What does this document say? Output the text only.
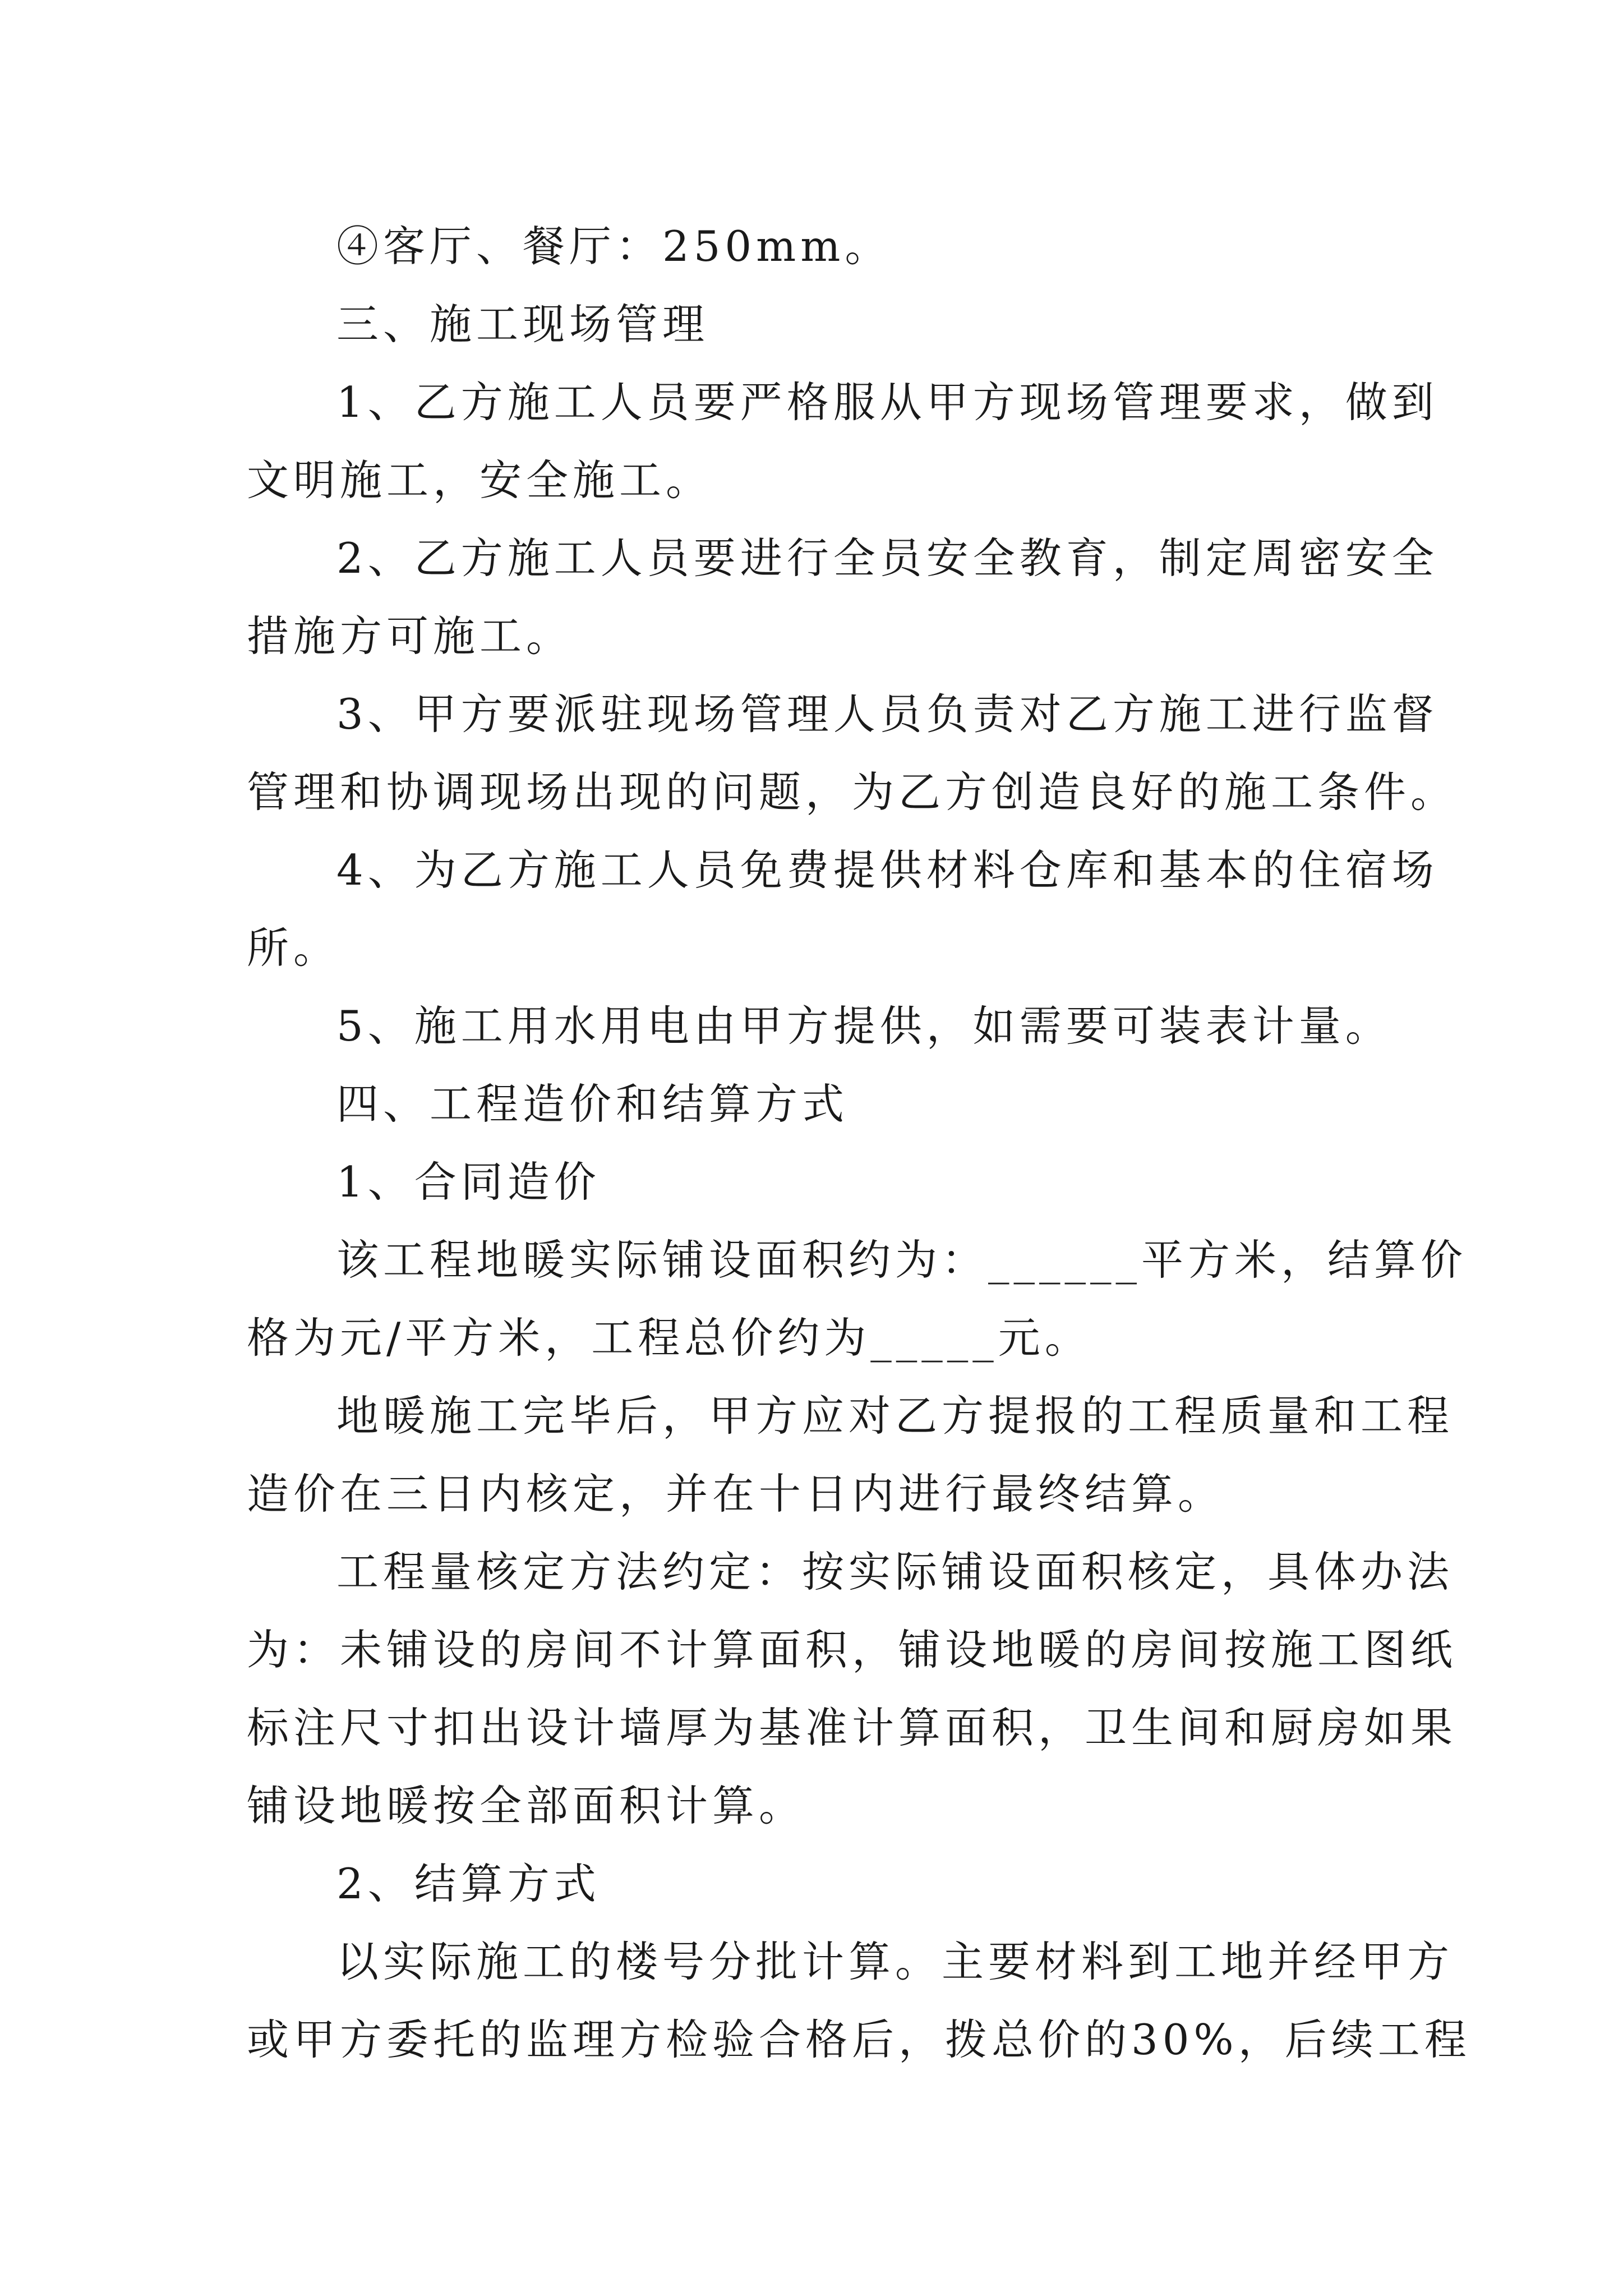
④客厅、餐厅：250mm。
三、施工现场管理
1、乙方施工人员要严格服从甲方现场管理要求，做到
文明施工，安全施工。
2、乙方施工人员要进行全员安全教育，制定周密安全
措施方可施工。
3、甲方要派驻现场管理人员负责对乙方施工进行监督
管理和协调现场出现的问题，为乙方创造良好的施工条件。
4、为乙方施工人员免费提供材料仓库和基本的住宿场
所。
5、施工用水用电由甲方提供，如需要可装表计量。
四、工程造价和结算方式
1、合同造价
该工程地暖实际铺设面积约为：______平方米，结算价
格为元/平方米，工程总价约为_____元。
地暖施工完毕后，甲方应对乙方提报的工程质量和工程
造价在三日内核定，并在十日内进行最终结算。
工程量核定方法约定：按实际铺设面积核定，具体办法
为：未铺设的房间不计算面积，铺设地暖的房间按施工图纸
标注尺寸扣出设计墙厚为基准计算面积，卫生间和厨房如果
铺设地暖按全部面积计算。
2、结算方式
以实际施工的楼号分批计算。主要材料到工地并经甲方
或甲方委托的监理方检验合格后，拨总价的30%，后续工程
